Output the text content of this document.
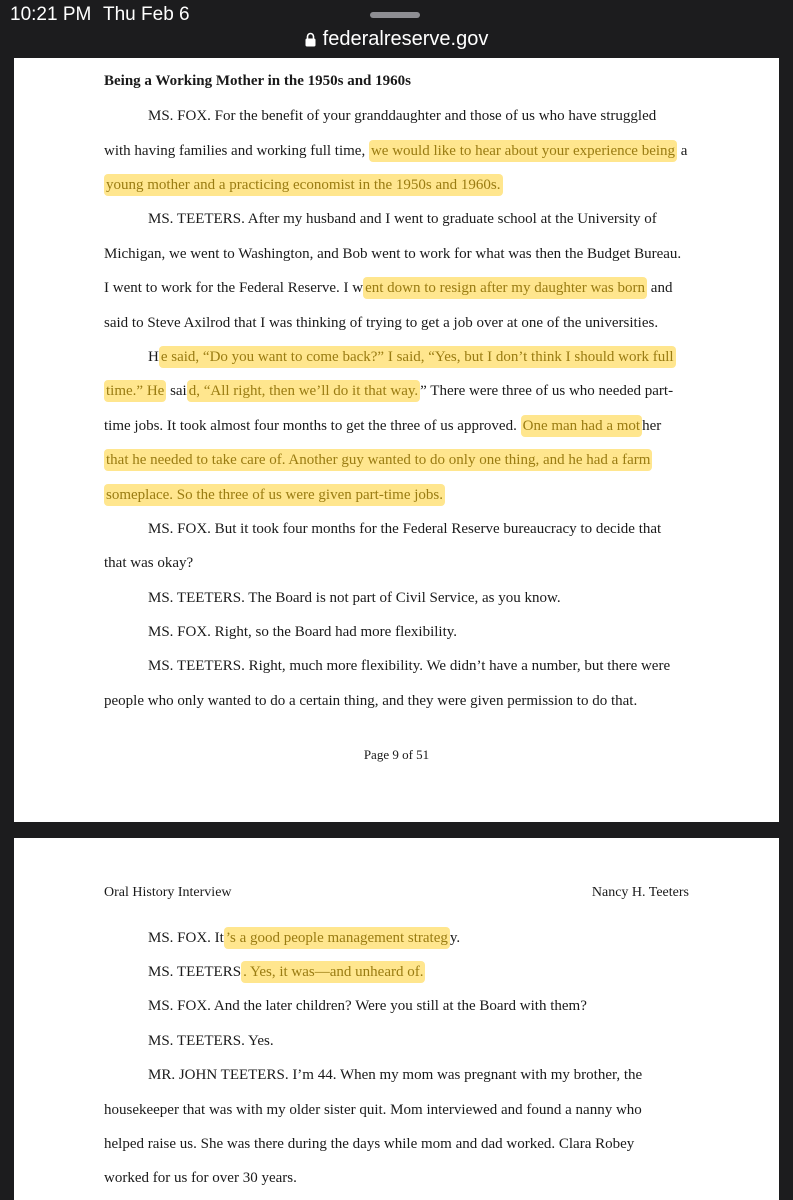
10:21 PM Thu Feb 6
federalreserve.gov
Being a Working Mother in the 1950s and 1960s
MS. FOX. For the benefit of your granddaughter and those of us who have struggled
with having families and working full time, we would like to hear about your experience being a
young mother and a practicing economist in the 1950s and 1960s.
MS. TEETERS. After my husband and I went to graduate school at the University of
Michigan, we went to Washington, and Bob went to work for what was then the Budget Bureau.
I went to work for the Federal Reserve. I w ent down to resign after my daughter was born and
said to Steve Axilrod that I was thinking of trying to get a job over at one of the universities.
H e said, “Do you want to come back?” I said, “Yes, but I don’t think I should work full
time.” He sai d, “All right, then we’ll do it that way. ” There were three of us who needed part-
time jobs. It took almost four months to get the three of us approved. One man had a mot her
that he needed to take care of. Another guy wanted to do only one thing, and he had a farm
someplace. So the three of us were given part-time jobs.
MS. FOX. But it took four months for the Federal Reserve bureaucracy to decide that
that was okay?
MS. TEETERS. The Board is not part of Civil Service, as you know.
MS. FOX. Right, so the Board had more flexibility.
MS. TEETERS. Right, much more flexibility. We didn’t have a number, but there were
people who only wanted to do a certain thing, and they were given permission to do that.
Page 9 of 51
Oral History Interview	Nancy H. Teeters
MS. FOX. It ’s a good people management strateg y.
MS. TEETERS . Yes, it was—and unheard of.
MS. FOX. And the later children? Were you still at the Board with them?
MS. TEETERS. Yes.
MR. JOHN TEETERS. I’m 44. When my mom was pregnant with my brother, the
housekeeper that was with my older sister quit. Mom interviewed and found a nanny who
helped raise us. She was there during the days while mom and dad worked. Clara Robey
worked for us for over 30 years.
